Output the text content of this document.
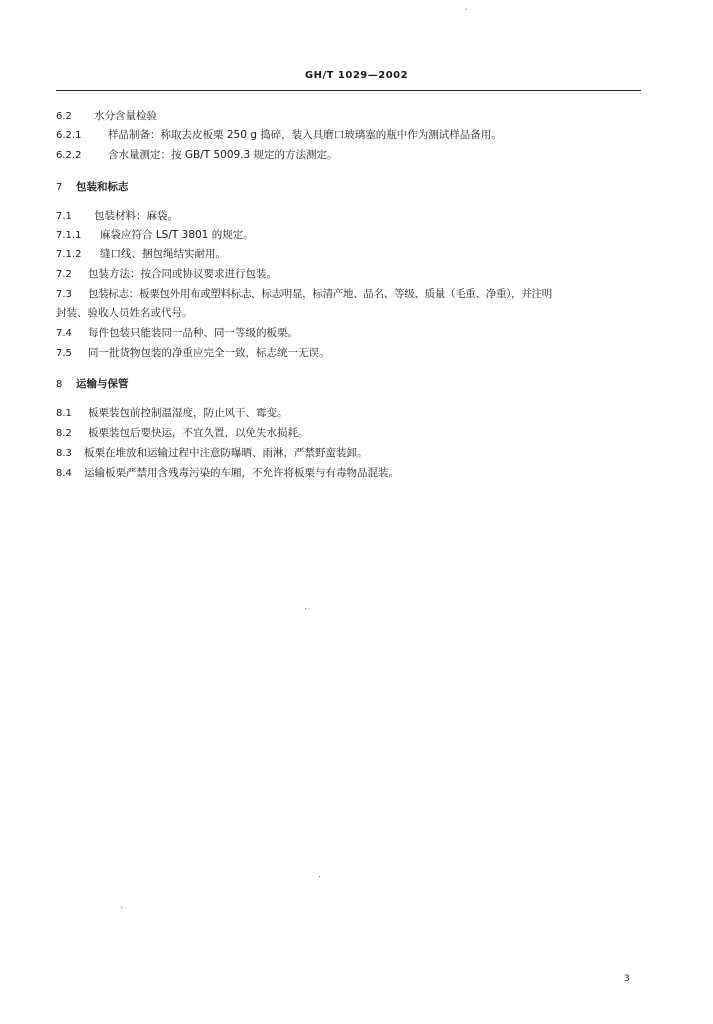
GH/T 1029—2002
6.2 水分含量检验
6.2.1	样品制备：称取去皮板栗 250 g 捣碎，装入具磨口玻璃塞的瓶中作为测试样品备用。
6.2.2	含水量测定：按 GB/T 5009.3 规定的方法测定。
7 包装和标志
7.1 包装材料：麻袋。
7.1.1 麻袋应符合 LS/T 3801 的规定。
7.1.2 缝口线、捆包绳结实耐用。
7.2 包装方法：按合同或协议要求进行包装。
7.3 包装标志：板栗包外用布或塑料标志，标志明显，标清产地、品名、等级、质量（毛重、净重），并注明
封装、验收人员姓名或代号。
7.4 每件包装只能装同一品种、同一等级的板栗。
7.5 同一批货物包装的净重应完全一致，标志统一无误。
8 运输与保管
8.1 板栗装包前控制温湿度，防止风干、霉变。
8.2 板栗装包后要快运，不宜久置，以免失水损耗。
8.3 板栗在堆放和运输过程中注意防曝晒、雨淋，严禁野蛮装卸。
8.4 运输板栗严禁用含残毒污染的车厢，不允许将板栗与有毒物品混装。
3
